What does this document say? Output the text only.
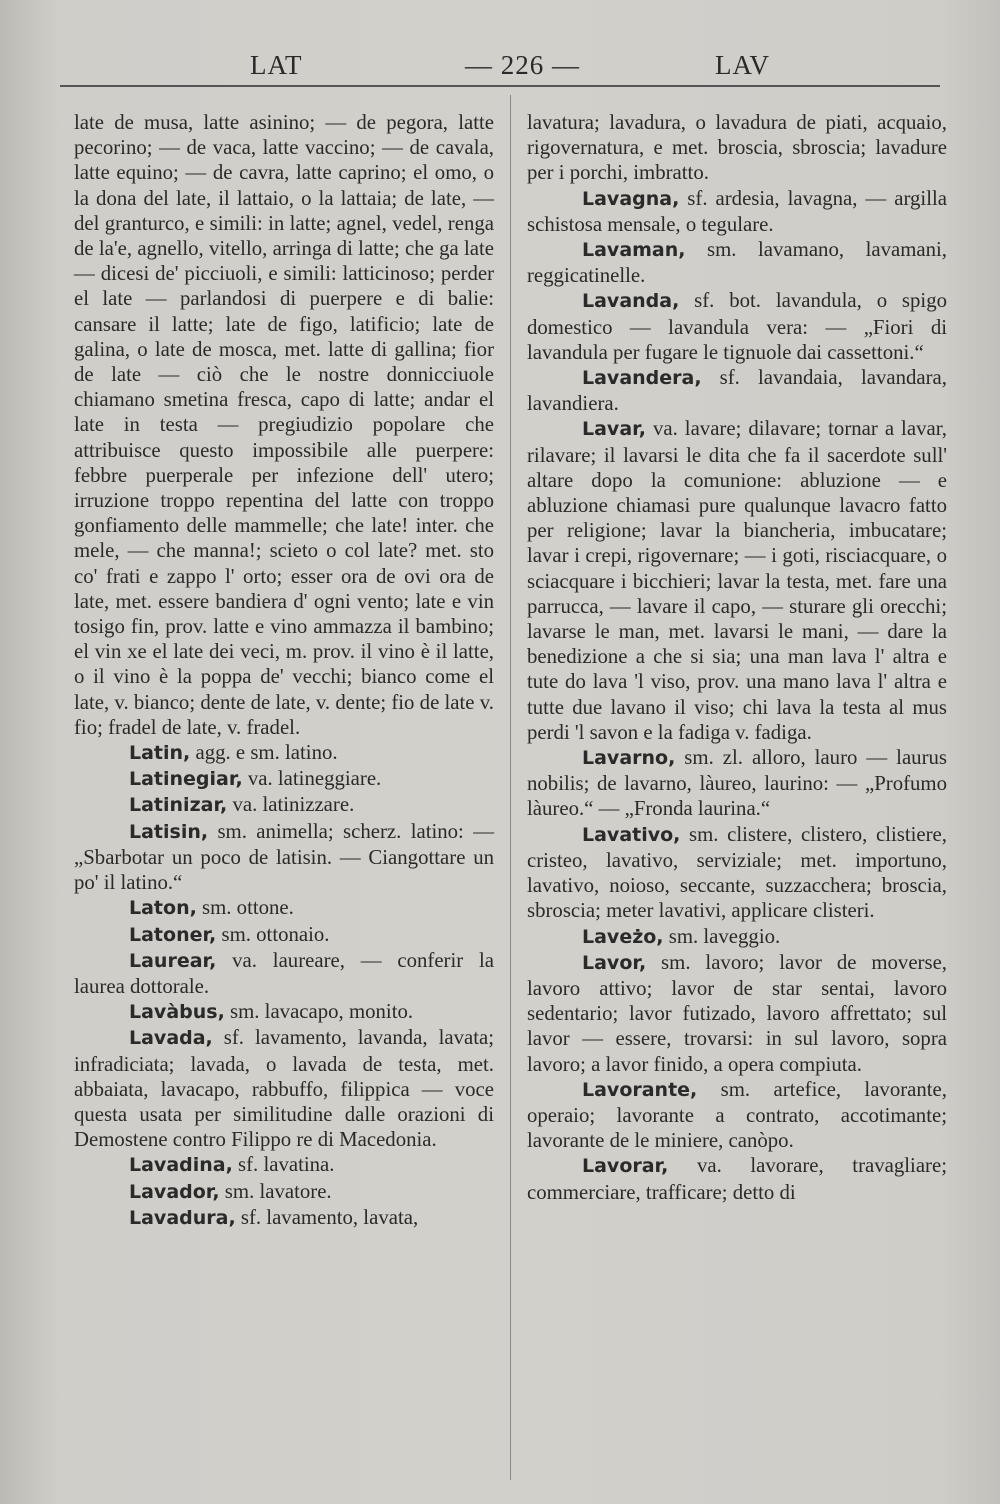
LAT	— 226 —	LAV

late de musa, latte asinino; — de pegora, latte pecorino; — de vaca, latte vaccino; — de cavala, latte equino; — de cavra, latte caprino; el omo, o la dona del late, il lattaio, o la lattaia; de late, — del granturco, e simili: in latte; agnel, vedel, renga de la'e, agnello, vitello, arringa di latte; che ga late — dicesi de' picciuoli, e simili: latticinoso; perder el late — parlandosi di puerpere e di balie: cansare il latte; late de figo, latificio; late de galina, o late de mosca, met. latte di gallina; fior de late — ciò che le nostre donnicciuole chiamano smetina fresca, capo di latte; andar el late in testa — pregiudizio popolare che attribuisce questo impossibile alle puerpere: febbre puerperale per infezione dell' utero; irruzione troppo repentina del latte con troppo gonfiamento delle mammelle; che late! inter. che mele, — che manna!; scieto o col late? met. sto co' frati e zappo l' orto; esser ora de ovi ora de late, met. essere bandiera d' ogni vento; late e vin tosigo fin, prov. latte e vino ammazza il bambino; el vin xe el late dei veci, m. prov. il vino è il latte, o il vino è la poppa de' vecchi; bianco come el late, v. bianco; dente de late, v. dente; fio de late v. fio; fradel de late, v. fradel.

Latin, agg. e sm. latino.

Latinegiar, va. latineggiare.

Latinizar, va. latinizzare.

Latisin, sm. animella; scherz. latino: — „Sbarbotar un poco de latisin. — Ciangottare un po' il latino.“

Laton, sm. ottone.

Latoner, sm. ottonaio.

Laurear, va. laureare, — conferir la laurea dottorale.

Lavàbus, sm. lavacapo, monito.

Lavada, sf. lavamento, lavanda, lavata; infradiciata; lavada, o lavada de testa, met. abbaiata, lavacapo, rabbuffo, filippica — voce questa usata per similitudine dalle orazioni di Demostene contro Filippo re di Macedonia.

Lavadina, sf. lavatina.

Lavador, sm. lavatore.

Lavadura, sf. lavamento, lavata,

lavatura; lavadura, o lavadura de piati, acquaio, rigovernatura, e met. broscia, sbroscia; lavadure per i porchi, imbratto.

Lavagna, sf. ardesia, lavagna, — argilla schistosa mensale, o tegulare.

Lavaman, sm. lavamano, lavamani, reggicatinelle.

Lavanda, sf. bot. lavandula, o spigo domestico — lavandula vera: — „Fiori di lavandula per fugare le tignuole dai cassettoni.“

Lavandera, sf. lavandaia, lavandara, lavandiera.

Lavar, va. lavare; dilavare; tornar a lavar, rilavare; il lavarsi le dita che fa il sacerdote sull' altare dopo la comunione: abluzione — e abluzione chiamasi pure qualunque lavacro fatto per religione; lavar la biancheria, imbucatare; lavar i crepi, rigovernare; — i goti, risciacquare, o sciacquare i bicchieri; lavar la testa, met. fare una parrucca, — lavare il capo, — sturare gli orecchi; lavarse le man, met. lavarsi le mani, — dare la benedizione a che si sia; una man lava l' altra e tute do lava 'l viso, prov. una mano lava l' altra e tutte due lavano il viso; chi lava la testa al mus perdi 'l savon e la fadiga v. fadiga.

Lavarno, sm. zl. alloro, lauro — laurus nobilis; de lavarno, làureo, laurino: — „Profumo làureo.“ — „Fronda laurina.“

Lavativo, sm. clistere, clistero, clistiere, cristeo, lavativo, serviziale; met. importuno, lavativo, noioso, seccante, suzzacchera; broscia, sbroscia; meter lavativi, applicare clisteri.

Laveżo, sm. laveggio.

Lavor, sm. lavoro; lavor de moverse, lavoro attivo; lavor de star sentai, lavoro sedentario; lavor futizado, lavoro affrettato; sul lavor — essere, trovarsi: in sul lavoro, sopra lavoro; a lavor finido, a opera compiuta.

Lavorante, sm. artefice, lavorante, operaio; lavorante a contrato, accotimante; lavorante de le miniere, canòpo.

Lavorar, va. lavorare, travagliare; commerciare, trafficare; detto di
